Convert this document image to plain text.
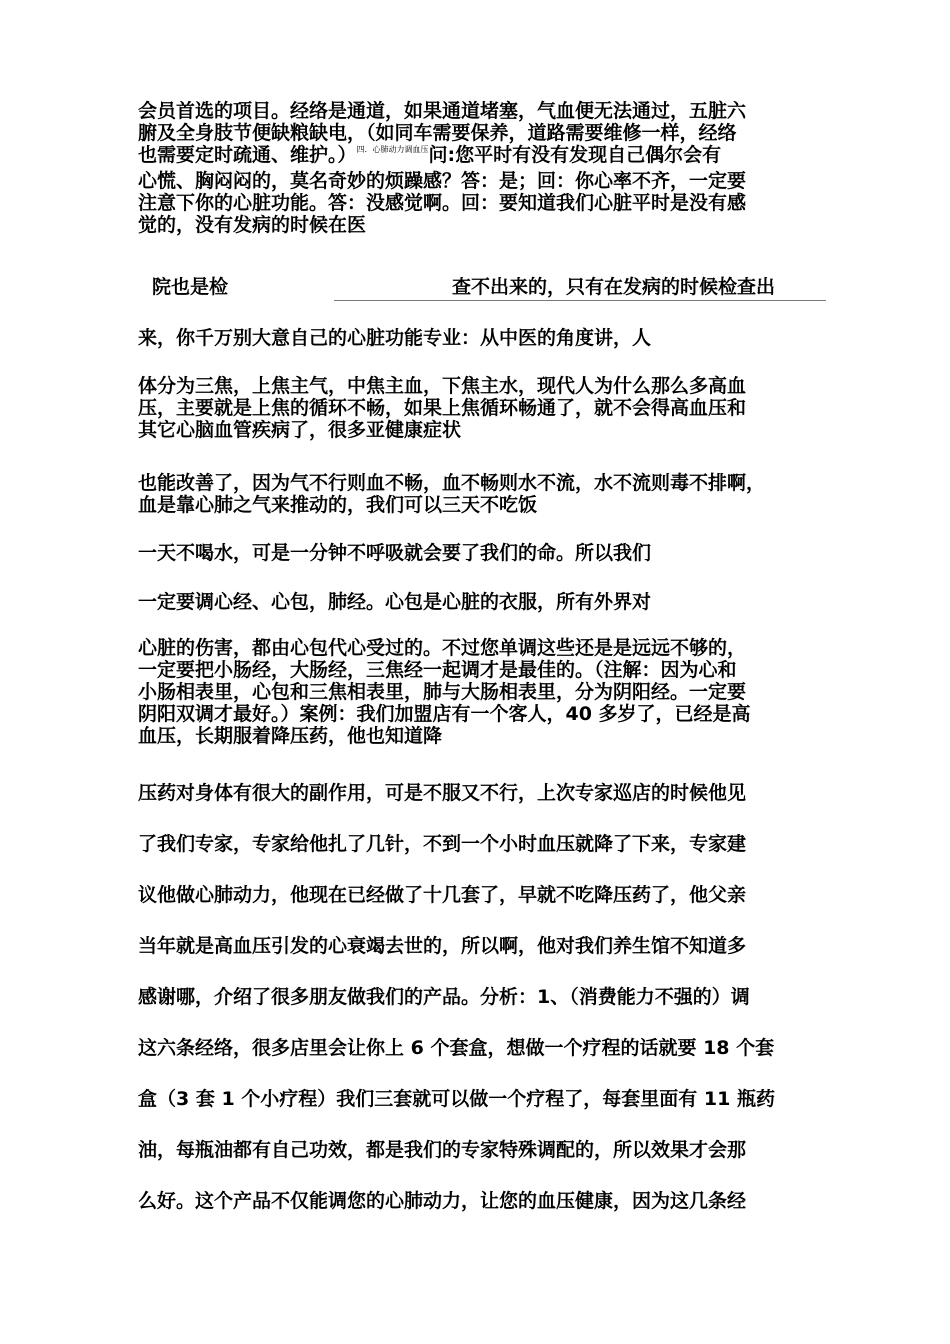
会员首选的项目。经络是通道，如果通道堵塞，气血便无法通过，五脏六
腑及全身肢节便缺粮缺电，（如同车需要保养，道路需要维修一样，经络
也需要定时疏通、维护。）$^{四.心肺动力调血压}$问:您平时有没有发现自己偶尔会有
心慌、胸闷闷的，莫名奇妙的烦躁感？答：是；回：你心率不齐，一定要
注意下你的心脏功能。答：没感觉啊。回：要知道我们心脏平时是没有感
觉的，没有发病的时候在医

院也是检	查不出来的，只有在发病的时候检查出

来，你千万别大意自己的心脏功能专业：从中医的角度讲，人

体分为三焦，上焦主气，中焦主血，下焦主水，现代人为什么那么多高血
压，主要就是上焦的循环不畅，如果上焦循环畅通了，就不会得高血压和
其它心脑血管疾病了，很多亚健康症状

也能改善了，因为气不行则血不畅，血不畅则水不流，水不流则毒不排啊，
血是靠心肺之气来推动的，我们可以三天不吃饭

一天不喝水，可是一分钟不呼吸就会要了我们的命。所以我们

一定要调心经、心包，肺经。心包是心脏的衣服，所有外界对

心脏的伤害，都由心包代心受过的。不过您单调这些还是是远远不够的，
一定要把小肠经，大肠经，三焦经一起调才是最佳的。（注解：因为心和
小肠相表里，心包和三焦相表里，肺与大肠相表里，分为阴阳经。一定要
阴阳双调才最好。）案例：我们加盟店有一个客人，40 多岁了，已经是高
血压，长期服着降压药，他也知道降

压药对身体有很大的副作用，可是不服又不行，上次专家巡店的时候他见
了我们专家，专家给他扎了几针，不到一个小时血压就降了下来，专家建
议他做心肺动力，他现在已经做了十几套了，早就不吃降压药了，他父亲
当年就是高血压引发的心衰竭去世的，所以啊，他对我们养生馆不知道多
感谢哪，介绍了很多朋友做我们的产品。分析：1、（消费能力不强的）调
这六条经络，很多店里会让你上 6 个套盒，想做一个疗程的话就要 18 个套
盒（3 套 1 个小疗程）我们三套就可以做一个疗程了，每套里面有 11 瓶药
油，每瓶油都有自己功效，都是我们的专家特殊调配的，所以效果才会那
么好。这个产品不仅能调您的心肺动力，让您的血压健康，因为这几条经
